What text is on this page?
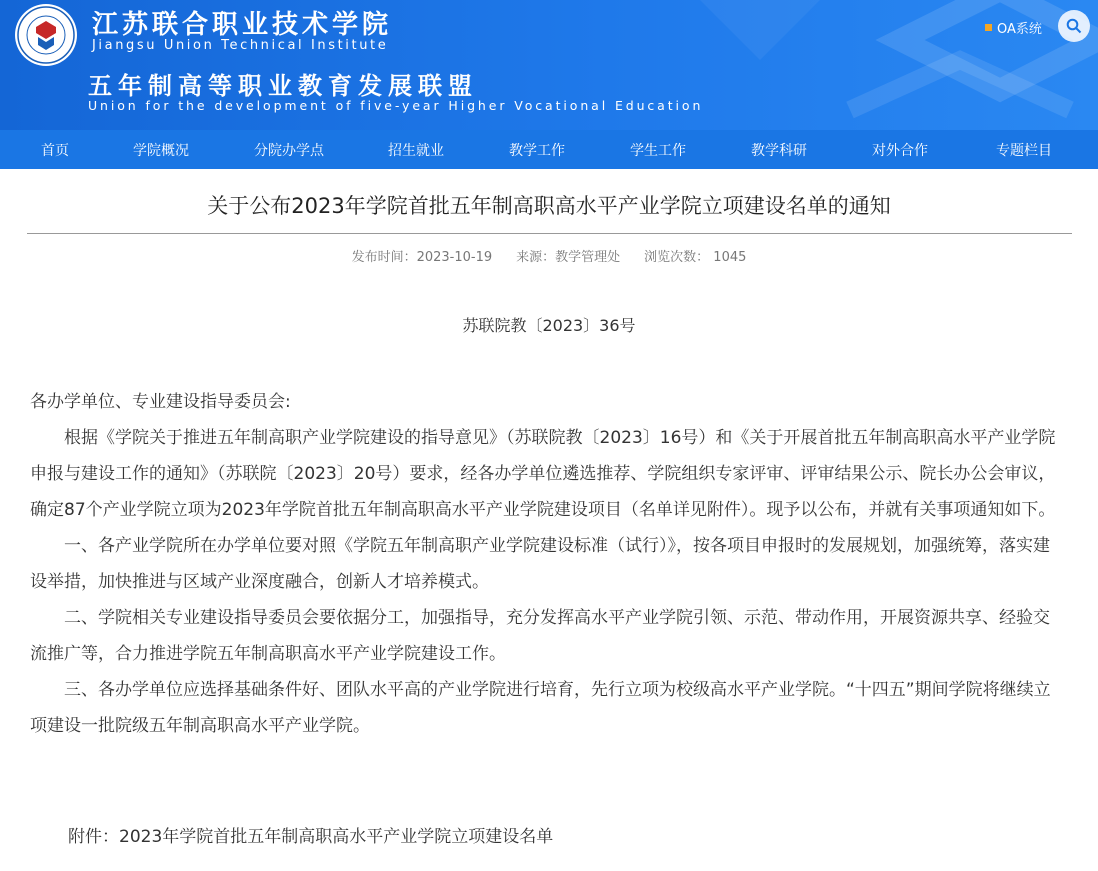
江苏联合职业技术学院
Jiangsu Union Technical Institute
五年制高等职业教育发展联盟
Union for the development of five-year Higher Vocational Education
OA系统
首页	学院概况	分院办学点	招生就业	教学工作	学生工作	教学科研	对外合作	专题栏目
关于公布2023年学院首批五年制高职高水平产业学院立项建设名单的通知
发布时间：2023-10-19 来源：教学管理处 浏览次数： 1045
苏联院教〔2023〕36号

各办学单位、专业建设指导委员会:

根据《学院关于推进五年制高职产业学院建设的指导意见》（苏联院教〔2023〕16号）和《关于开展首批五年制高职高水平产业学院申报与建设工作的通知》（苏联院〔2023〕20号）要求，经各办学单位遴选推荐、学院组织专家评审、评审结果公示、院长办公会审议，确定87个产业学院立项为2023年学院首批五年制高职高水平产业学院建设项目（名单详见附件）。现予以公布，并就有关事项通知如下。

一、各产业学院所在办学单位要对照《学院五年制高职产业学院建设标准（试行）》，按各项目申报时的发展规划，加强统筹，落实建设举措，加快推进与区域产业深度融合，创新人才培养模式。

二、学院相关专业建设指导委员会要依据分工，加强指导，充分发挥高水平产业学院引领、示范、带动作用，开展资源共享、经验交流推广等，合力推进学院五年制高职高水平产业学院建设工作。

三、各办学单位应选择基础条件好、团队水平高的产业学院进行培育，先行立项为校级高水平产业学院。“十四五”期间学院将继续立项建设一批院级五年制高职高水平产业学院。

附件：2023年学院首批五年制高职高水平产业学院立项建设名单
